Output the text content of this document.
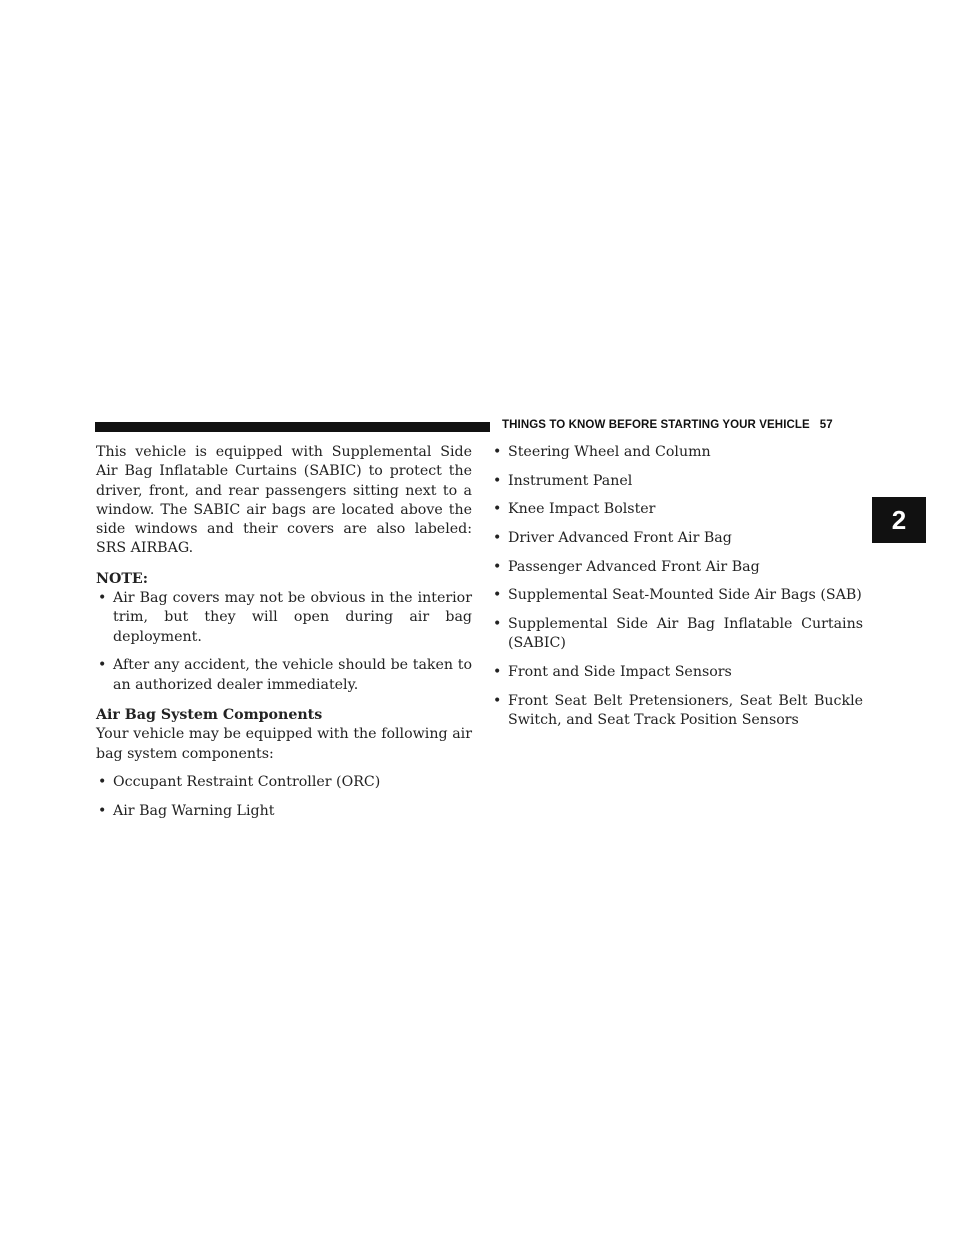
THINGS TO KNOW BEFORE STARTING YOUR VEHICLE 57
2

This vehicle is equipped with Supplemental Side Air Bag Inflatable Curtains (SABIC) to protect the driver, front, and rear passengers sitting next to a window. The SABIC air bags are located above the side windows and their covers are also labeled: SRS AIRBAG.

NOTE:

• Air Bag covers may not be obvious in the interior trim, but they will open during air bag deployment.
• After any accident, the vehicle should be taken to an authorized dealer immediately.

Air Bag System Components

Your vehicle may be equipped with the following air bag system components:

• Occupant Restraint Controller (ORC)
• Air Bag Warning Light
• Steering Wheel and Column
• Instrument Panel
• Knee Impact Bolster
• Driver Advanced Front Air Bag
• Passenger Advanced Front Air Bag
• Supplemental Seat-Mounted Side Air Bags (SAB)
• Supplemental Side Air Bag Inflatable Curtains (SABIC)
• Front and Side Impact Sensors
• Front Seat Belt Pretensioners, Seat Belt Buckle Switch, and Seat Track Position Sensors
